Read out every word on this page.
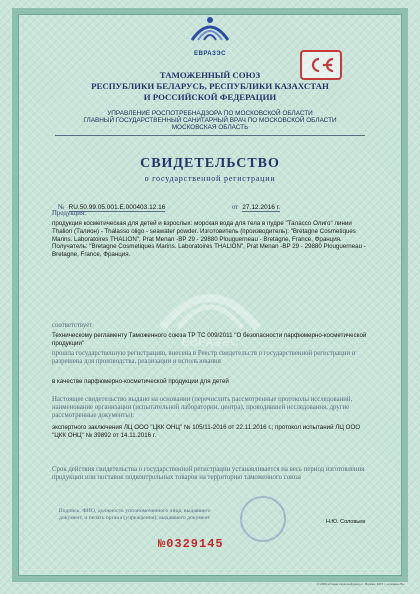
ЕВРАЗЭС
ТАМОЖЕННЫЙ СОЮЗ
РЕСПУБЛИКИ БЕЛАРУСЬ, РЕСПУБЛИКИ КАЗАХСТАН
И РОССИЙСКОЙ ФЕДЕРАЦИИ
УПРАВЛЕНИЕ РОСПОТРЕБНАДЗОРА ПО МОСКОВСКОЙ ОБЛАСТИ
ГЛАВНЫЙ ГОСУДАРСТВЕННЫЙ САНИТАРНЫЙ ВРАЧ ПО МОСКОВСКОЙ ОБЛАСТИ
МОСКОВСКАЯ ОБЛАСТЬ
СВИДЕТЕЛЬСТВО
о государственной регистрации
№ RU.50.99.05.001.E.000403.12.16	от 27.12.2016 г.
Продукция:
продукция косметическая для детей и взрослых: морская вода для тела в пудре "Талассо Олиго" линии Thalion (Талион) - Thalasso oligo - seawater powder. Изготовитель (производитель): "Bretagne Cosmetiques Marins. Laboratoires THALION", Prat Menan -BP 29 - 29880 Plouguerneau - Bretagne, France, Франция. Получатель: "Bretagne Cosmetiques Marins. Laboratoires THALION", Prat Menan -BP 29 - 29880 Plouguerneau - Bretagne, France, Франция.
ЕВРАЗЭС
соответствует
Техническому регламенту Таможенного союза ТР ТС 009/2011 "О безопасности парфюмерно-косметической продукции"
прошла государственную регистрацию, внесена в Реестр свидетельств о государственной регистрации и разрешена для производства, реализации и использования
в качестве парфюмерно-косметической продукции для детей
Настоящее свидетельство выдано на основании (перечислить рассмотренные протоколы исследований, наименование организации (испытательной лаборатории, центра), проводившей исследования, другие рассмотренные документы):
экспертного заключения ЛЦ ООО "ЦКК ОНЦ" № 105/11-2016 от 22.11.2016 г.; протокол испытаний ЛЦ ООО "ЦКК ОНЦ" № 39892 от 14.11.2016 г.
Срок действия свидетельства о государственной регистрации устанавливается на весь период изготовления продукции или поставок подконтрольных товаров на территорию таможенного союза
Подпись, ФИО, должность уполномоченного лица, выдавшего документ, и печать органа (учреждения), выдавшего документ
Н.Ю. Соловьев
№0329145
© 2009 «Гознак печатный двор» г. Москва, 2015 г. «уровень В»
